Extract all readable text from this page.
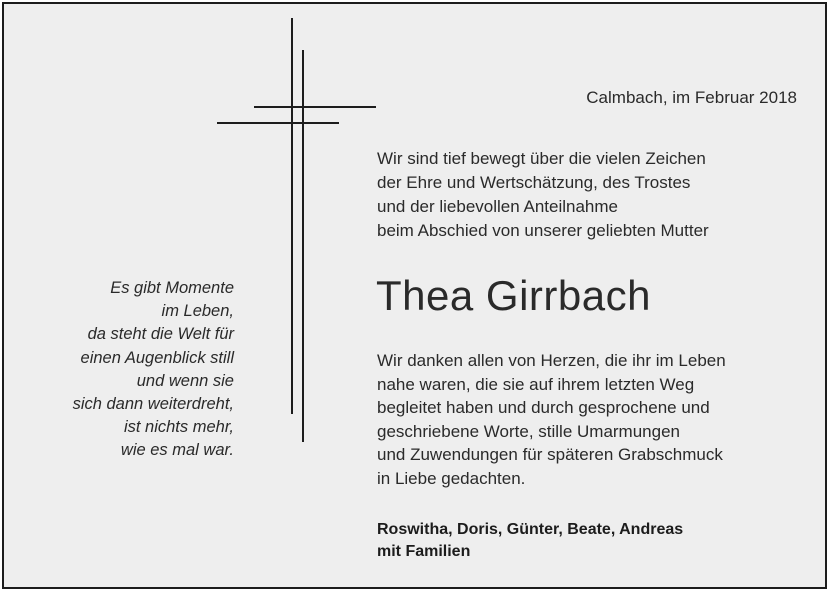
Calmbach, im Februar 2018
Wir sind tief bewegt über die vielen Zeichen
der Ehre und Wertschätzung, des Trostes
und der liebevollen Anteilnahme
beim Abschied von unserer geliebten Mutter
Thea Girrbach
Wir danken allen von Herzen, die ihr im Leben
nahe waren, die sie auf ihrem letzten Weg
begleitet haben und durch gesprochene und
geschriebene Worte, stille Umarmungen
und Zuwendungen für späteren Grabschmuck
in Liebe gedachten.
Roswitha, Doris, Günter, Beate, Andreas
mit Familien
Es gibt Momente
im Leben,
da steht die Welt für
einen Augenblick still
und wenn sie
sich dann weiterdreht,
ist nichts mehr,
wie es mal war.
